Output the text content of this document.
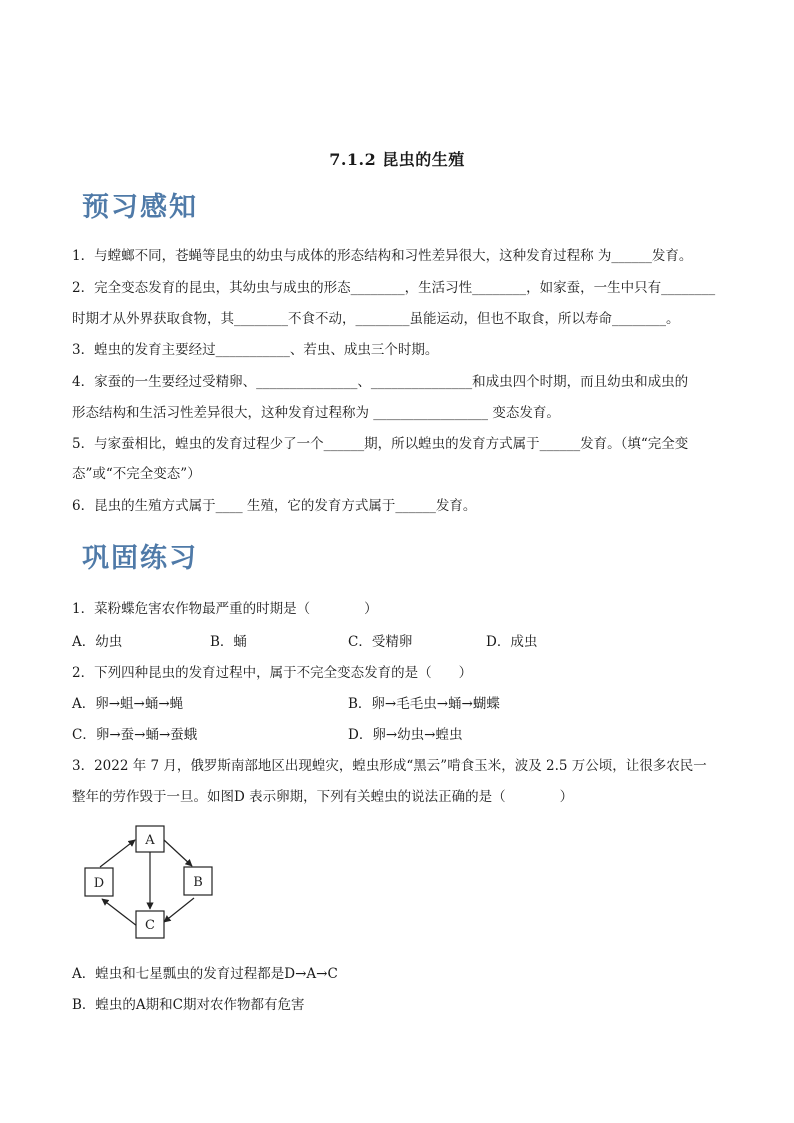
7.1.2 昆虫的生殖
预习感知
1．与螳螂不同，苍蝇等昆虫的幼虫与成体的形态结构和习性差异很大，这种发育过程称 为______发育。
2．完全变态发育的昆虫，其幼虫与成虫的形态________，生活习性________，如家蚕，一生中只有________
时期才从外界获取食物，其________不食不动，________虽能运动，但也不取食，所以寿命________。
3．蝗虫的发育主要经过___________、若虫、成虫三个时期。
4．家蚕的一生要经过受精卵、_______________、_______________和成虫四个时期，而且幼虫和成虫的
形态结构和生活习性差异很大，这种发育过程称为 _________________ 变态发育。
5．与家蚕相比，蝗虫的发育过程少了一个______期，所以蝗虫的发育方式属于______发育。（填“完全变
态”或“不完全变态”）
6．昆虫的生殖方式属于____ 生殖，它的发育方式属于______发育。
巩固练习
1．菜粉蝶危害农作物最严重的时期是（　　　　）
A．幼虫	B．蛹	C．受精卵	D．成虫
2．下列四种昆虫的发育过程中，属于不完全变态发育的是（　　）
A．卵→蛆→蛹→蝇	B．卵→毛毛虫→蛹→蝴蝶
C．卵→蚕→蛹→蚕蛾	D．卵→幼虫→蝗虫
3．2022 年 7 月，俄罗斯南部地区出现蝗灾，蝗虫形成“黑云”啃食玉米，波及 2.5 万公顷，让很多农民一
整年的劳作毁于一旦。如图D 表示卵期，下列有关蝗虫的说法正确的是（　　　　）
A
B
C
D
A．蝗虫和七星瓢虫的发育过程都是D→A→C
B．蝗虫的A期和C期对农作物都有危害
